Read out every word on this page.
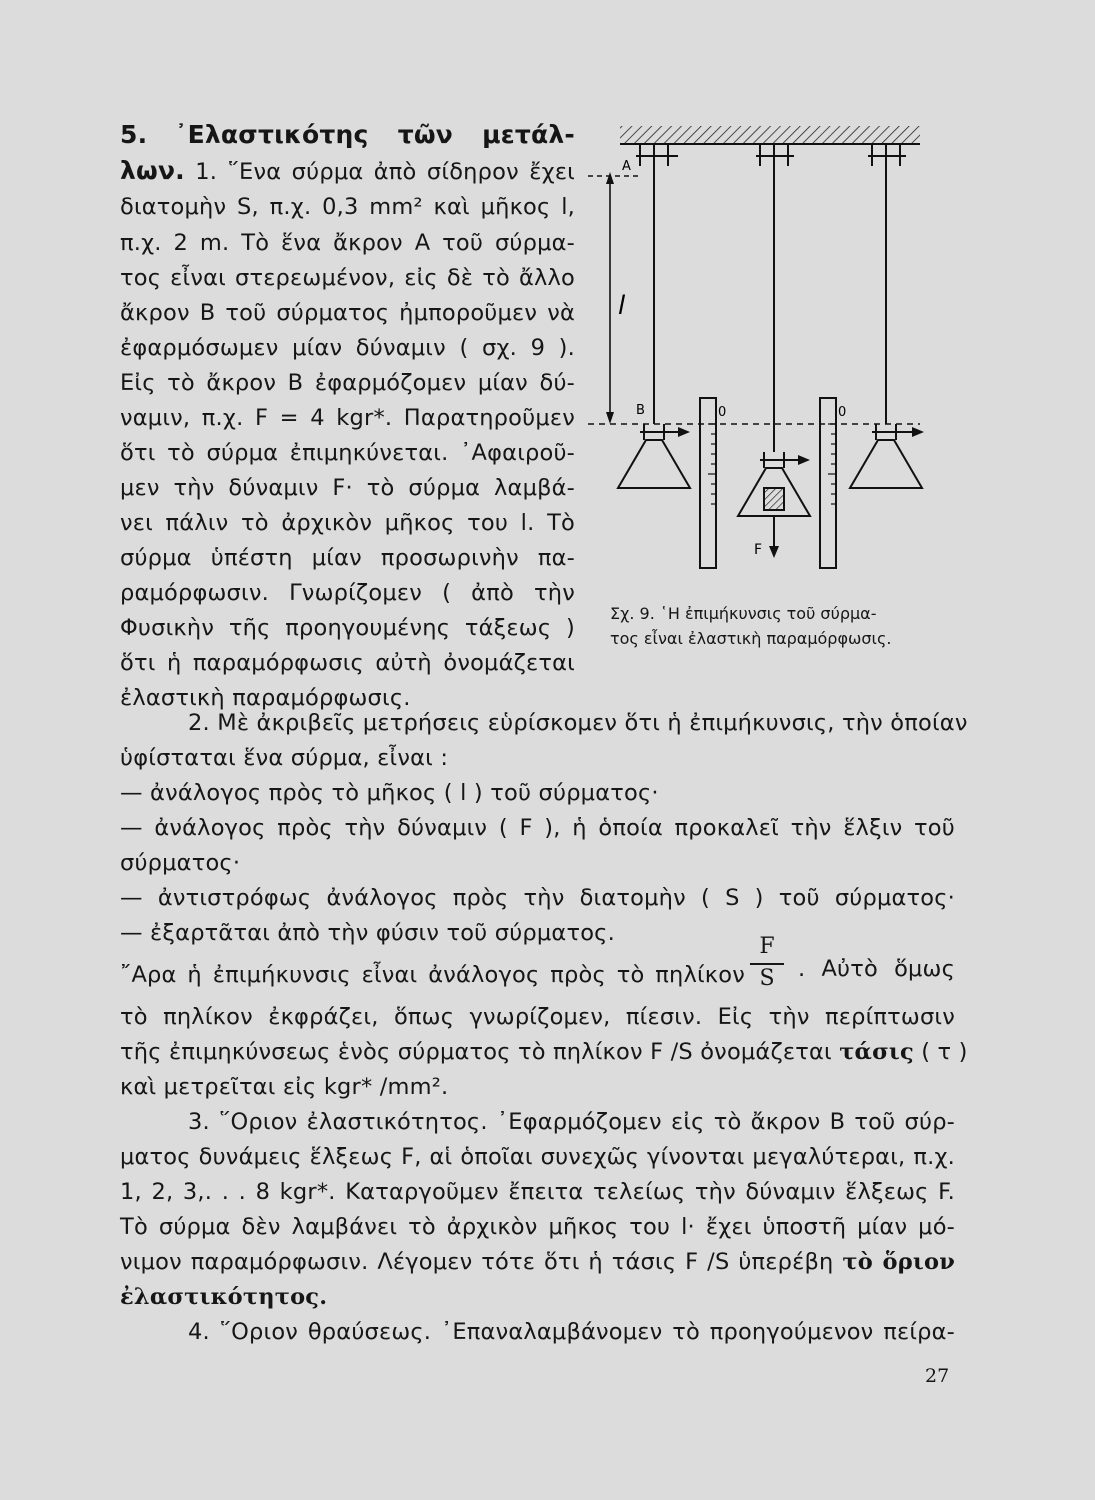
5. ᾿Ελαστικότης τῶν μετάλ-
λων. 1. ῞Ενα σύρμα ἀπὸ σίδηρον ἔχει
διατομὴν S, π.χ. 0,3 mm² καὶ μῆκος l,
π.χ. 2 m. Τὸ ἕνα ἄκρον Α τοῦ σύρμα-
τος εἶναι στερεωμένον, εἰς δὲ τὸ ἄλλο
ἄκρον Β τοῦ σύρματος ἠμποροῦμεν νὰ
ἐφαρμόσωμεν μίαν δύναμιν ( σχ. 9 ).
Εἰς τὸ ἄκρον Β ἐφαρμόζομεν μίαν δύ-
ναμιν, π.χ. F = 4 kgr*. Παρατηροῦμεν
ὅτι τὸ σύρμα ἐπιμηκύνεται. ᾿Αφαιροῦ-
μεν τὴν δύναμιν F· τὸ σύρμα λαμβά-
νει πάλιν τὸ ἀρχικὸν μῆκος του l. Τὸ
σύρμα ὑπέστη μίαν προσωρινὴν πα-
ραμόρφωσιν. Γνωρίζομεν ( ἀπὸ τὴν
Φυσικὴν τῆς προηγουμένης τάξεως )
ὅτι ἡ παραμόρφωσις αὐτὴ ὀνομάζεται
ἐλαστικὴ παραμόρφωσις.
A
l
B	0
F
0
Σχ. 9. ῾Η ἐπιμήκυνσις τοῦ σύρμα-
τος εἶναι ἐλαστικὴ παραμόρφωσις.
2. Μὲ ἀκριβεῖς μετρήσεις εὑρίσκομεν ὅτι ἡ ἐπιμήκυνσις, τὴν ὁποίαν
ὑφίσταται ἕνα σύρμα, εἶναι :
— ἀνάλογος πρὸς τὸ μῆκος ( l ) τοῦ σύρματος·
— ἀνάλογος πρὸς τὴν δύναμιν ( F ), ἡ ὁποία προκαλεῖ τὴν ἕλξιν τοῦ
σύρματος·
— ἀντιστρόφως ἀνάλογος πρὸς τὴν διατομὴν ( S ) τοῦ σύρματος·
— ἐξαρτᾶται ἀπὸ τὴν φύσιν τοῦ σύρματος.
῎Αρα ἡ ἐπιμήκυνσις εἶναι ἀνάλογος πρὸς τὸ πηλίκον
F
S	. Αὐτὸ ὅμως
τὸ πηλίκον ἐκφράζει, ὅπως γνωρίζομεν, πίεσιν. Εἰς τὴν περίπτωσιν
τῆς ἐπιμηκύνσεως ἑνὸς σύρματος τὸ πηλίκον F /S ὀνομάζεται τάσις ( τ )
καὶ μετρεῖται εἰς kgr* /mm².
3. ῞Οριον ἐλαστικότητος. ᾿Εφαρμόζομεν εἰς τὸ ἄκρον Β τοῦ σύρ-
ματος δυνάμεις ἕλξεως F, αἱ ὁποῖαι συνεχῶς γίνονται μεγαλύτεραι, π.χ.
1, 2, 3,. . . 8 kgr*. Καταργοῦμεν ἔπειτα τελείως τὴν δύναμιν ἕλξεως F.
Τὸ σύρμα δὲν λαμβάνει τὸ ἀρχικὸν μῆκος του l· ἔχει ὑποστῆ μίαν μό-
νιμον παραμόρφωσιν. Λέγομεν τότε ὅτι ἡ τάσις F /S ὑπερέβη τὸ ὅριον
ἐλαστικότητος.
4. ῞Οριον θραύσεως. ᾿Επαναλαμβάνομεν τὸ προηγούμενον πείρα-
27
